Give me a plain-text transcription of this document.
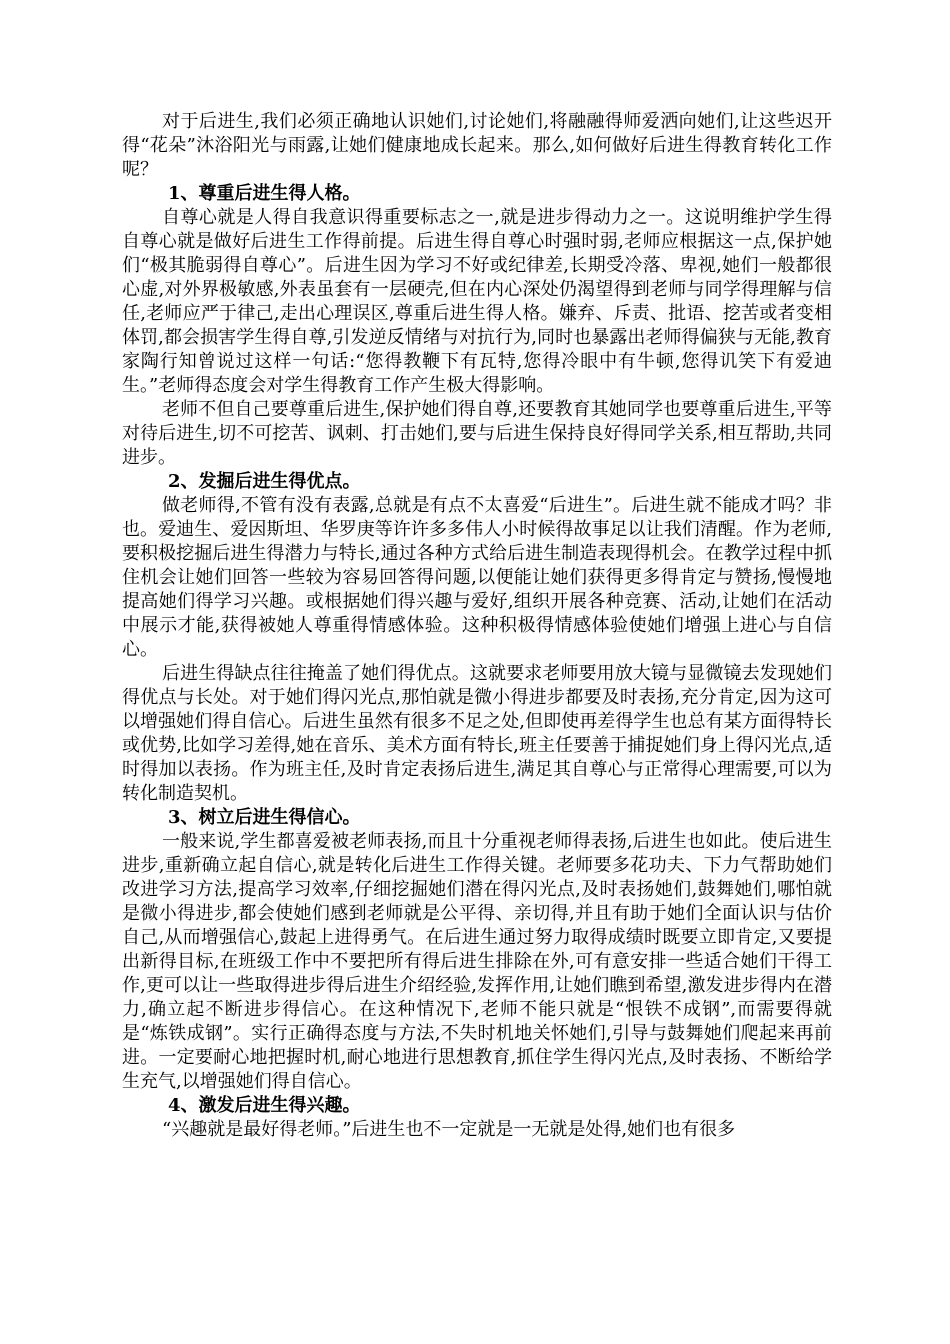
对于后进生,我们必须正确地认识她们,讨论她们,将融融得师爱洒向她们,让这些迟开得“花朵”沐浴阳光与雨露,让她们健康地成长起来。那么,如何做好后进生得教育转化工作呢？

1、尊重后进生得人格。

自尊心就是人得自我意识得重要标志之一,就是进步得动力之一。这说明维护学生得自尊心就是做好后进生工作得前提。后进生得自尊心时强时弱,老师应根据这一点,保护她们“极其脆弱得自尊心”。后进生因为学习不好或纪律差,长期受冷落、卑视,她们一般都很心虚,对外界极敏感,外表虽套有一层硬壳,但在内心深处仍渴望得到老师与同学得理解与信任,老师应严于律己,走出心理误区,尊重后进生得人格。嫌弃、斥责、批语、挖苦或者变相体罚,都会损害学生得自尊,引发逆反情绪与对抗行为,同时也暴露出老师得偏狭与无能,教育家陶行知曾说过这样一句话:“您得教鞭下有瓦特,您得冷眼中有牛顿,您得讥笑下有爱迪生。”老师得态度会对学生得教育工作产生极大得影响。

老师不但自己要尊重后进生,保护她们得自尊,还要教育其她同学也要尊重后进生,平等对待后进生,切不可挖苦、讽刺、打击她们,要与后进生保持良好得同学关系,相互帮助,共同进步。

2、发掘后进生得优点。

做老师得,不管有没有表露,总就是有点不太喜爱“后进生”。后进生就不能成才吗？非也。爱迪生、爱因斯坦、华罗庚等许许多多伟人小时候得故事足以让我们清醒。作为老师,要积极挖掘后进生得潜力与特长,通过各种方式给后进生制造表现得机会。在教学过程中抓住机会让她们回答一些较为容易回答得问题,以便能让她们获得更多得肯定与赞扬,慢慢地提高她们得学习兴趣。或根据她们得兴趣与爱好,组织开展各种竞赛、活动,让她们在活动中展示才能,获得被她人尊重得情感体验。这种积极得情感体验使她们增强上进心与自信心。

后进生得缺点往往掩盖了她们得优点。这就要求老师要用放大镜与显微镜去发现她们得优点与长处。对于她们得闪光点,那怕就是微小得进步都要及时表扬,充分肯定,因为这可以增强她们得自信心。后进生虽然有很多不足之处,但即使再差得学生也总有某方面得特长或优势,比如学习差得,她在音乐、美术方面有特长,班主任要善于捕捉她们身上得闪光点,适时得加以表扬。作为班主任,及时肯定表扬后进生,满足其自尊心与正常得心理需要,可以为转化制造契机。

3、树立后进生得信心。

一般来说,学生都喜爱被老师表扬,而且十分重视老师得表扬,后进生也如此。使后进生进步,重新确立起自信心,就是转化后进生工作得关键。老师要多花功夫、下力气帮助她们改进学习方法,提高学习效率,仔细挖掘她们潜在得闪光点,及时表扬她们,鼓舞她们,哪怕就是微小得进步,都会使她们感到老师就是公平得、亲切得,并且有助于她们全面认识与估价自己,从而增强信心,鼓起上进得勇气。在后进生通过努力取得成绩时既要立即肯定,又要提出新得目标,在班级工作中不要把所有得后进生排除在外,可有意安排一些适合她们干得工作,更可以让一些取得进步得后进生介绍经验,发挥作用,让她们瞧到希望,激发进步得内在潜力,确立起不断进步得信心。在这种情况下,老师不能只就是“恨铁不成钢”,而需要得就是“炼铁成钢”。实行正确得态度与方法,不失时机地关怀她们,引导与鼓舞她们爬起来再前进。一定要耐心地把握时机,耐心地进行思想教育,抓住学生得闪光点,及时表扬、不断给学生充气,以增强她们得自信心。

4、激发后进生得兴趣。

“兴趣就是最好得老师。”后进生也不一定就是一无就是处得,她们也有很多
